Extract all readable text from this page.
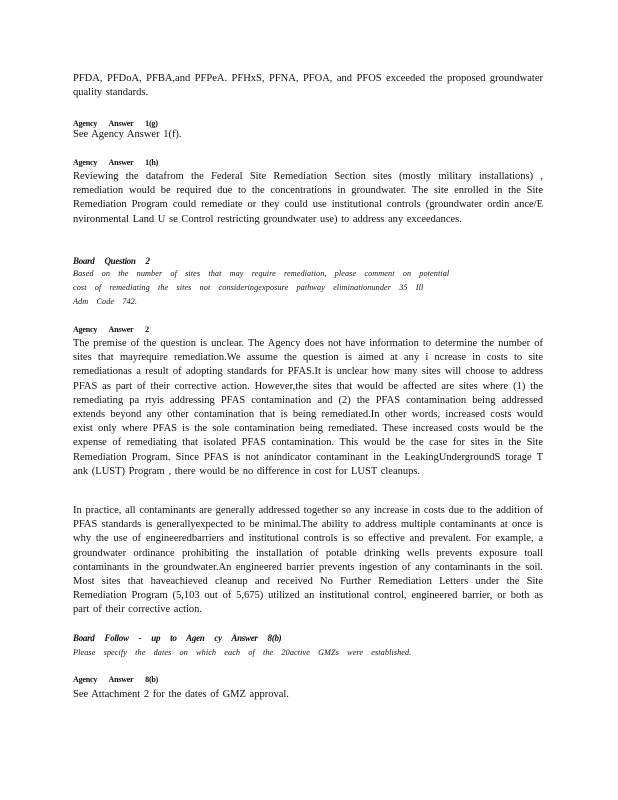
PFDA, PFDoA, PFBA,and PFPeA. PFHxS, PFNA, PFOA, and PFOS exceeded the proposed groundwater quality standards.
Agency Answer 1(g)
See Agency Answer 1(f).
Agency Answer 1(h)
Reviewing the datafrom the Federal Site Remediation Section sites (mostly military installations) , remediation would be required due to the concentrations in groundwater. The site enrolled in the Site Remediation Program could remediate or they could use institutional controls (groundwater ordin ance/E nvironmental Land U se Control restricting groundwater use) to address any exceedances.
Board Question 2
Based on the number of sites that may require remediation, please comment on potential
cost of remediating the sites not consideringexposure pathway eliminationunder 35 Ill
Adm Code 742.
Agency Answer 2
The premise of the question is unclear. The Agency does not have information to determine the number of sites that mayrequire remediation.We assume the question is aimed at any i ncrease in costs to site remediationas a result of adopting standards for PFAS.It is unclear how many sites will choose to address PFAS as part of their corrective action. However,the sites that would be affected are sites where (1) the remediating pa rtyis addressing PFAS contamination and (2) the PFAS contamination being addressed extends beyond any other contamination that is being remediated.In other words, increased costs would exist only where PFAS is the sole contamination being remediated. These increased costs would be the expense of remediating that isolated PFAS contamination. This would be the case for sites in the Site Remediation Program. Since PFAS is not anindicator contaminant in the LeakingUndergroundS torage T ank (LUST) Program , there would be no difference in cost for LUST cleanups.
In practice, all contaminants are generally addressed together so any increase in costs due to the addition of PFAS standards is generallyexpected to be minimal.The ability to address multiple contaminants at once is why the use of engineeredbarriers and institutional controls is so effective and prevalent. For example, a groundwater ordinance prohibiting the installation of potable drinking wells prevents exposure toall contaminants in the groundwater.An engineered barrier prevents ingestion of any contaminants in the soil. Most sites that haveachieved cleanup and received No Further Remediation Letters under the Site Remediation Program (5,103 out of 5,675) utilized an institutional control, engineered barrier, or both as part of their corrective action.
Board Follow - up to Agen cy Answer 8(b)
Please specify the dates on which each of the 20active GMZs were established.
Agency Answer 8(b)
See Attachment 2 for the dates of GMZ approval.
